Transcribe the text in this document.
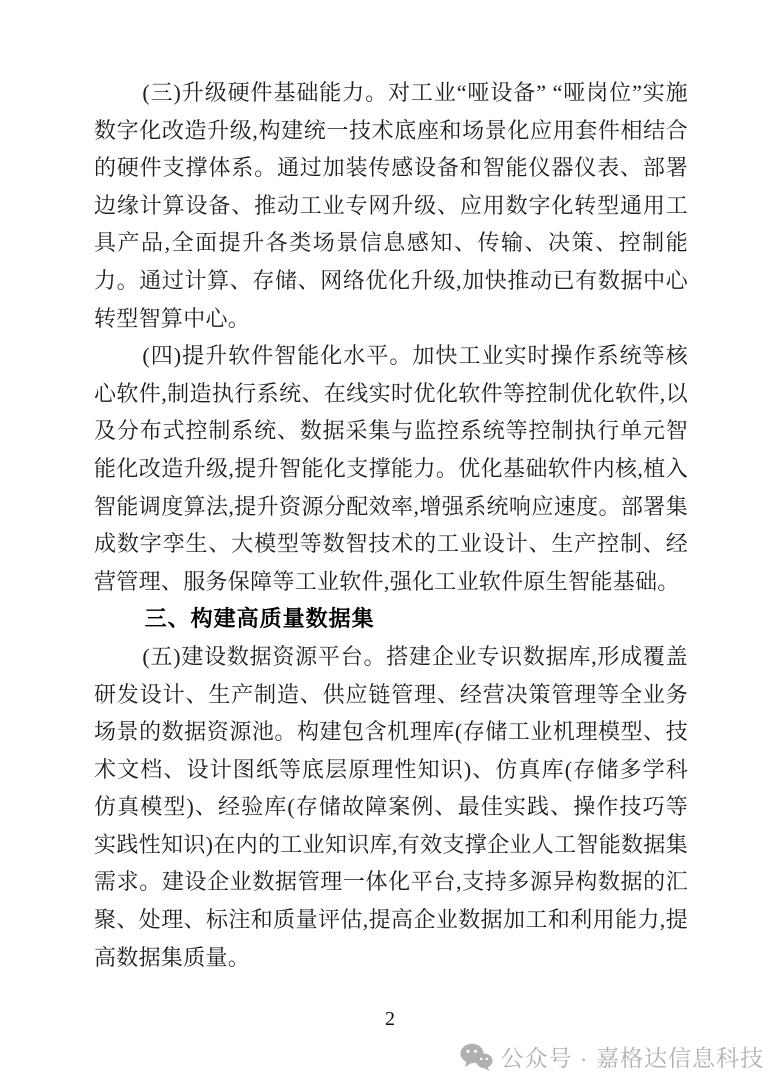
(三)升级硬件基础能力。对工业“哑设备” “哑岗位”实施数字化改造升级,构建统一技术底座和场景化应用套件相结合的硬件支撑体系。通过加装传感设备和智能仪器仪表、部署边缘计算设备、推动工业专网升级、应用数字化转型通用工具产品,全面提升各类场景信息感知、传输、决策、控制能力。通过计算、存储、网络优化升级,加快推动已有数据中心转型智算中心。

(四)提升软件智能化水平。加快工业实时操作系统等核心软件,制造执行系统、在线实时优化软件等控制优化软件,以及分布式控制系统、数据采集与监控系统等控制执行单元智能化改造升级,提升智能化支撑能力。优化基础软件内核,植入智能调度算法,提升资源分配效率,增强系统响应速度。部署集成数字孪生、大模型等数智技术的工业设计、生产控制、经营管理、服务保障等工业软件,强化工业软件原生智能基础。

三、构建高质量数据集

(五)建设数据资源平台。搭建企业专识数据库,形成覆盖研发设计、生产制造、供应链管理、经营决策管理等全业务场景的数据资源池。构建包含机理库(存储工业机理模型、技术文档、设计图纸等底层原理性知识)、仿真库(存储多学科仿真模型)、经验库(存储故障案例、最佳实践、操作技巧等实践性知识)在内的工业知识库,有效支撑企业人工智能数据集需求。建设企业数据管理一体化平台,支持多源异构数据的汇聚、处理、标注和质量评估,提高企业数据加工和利用能力,提高数据集质量。

2
公众号 · 嘉格达信息科技
